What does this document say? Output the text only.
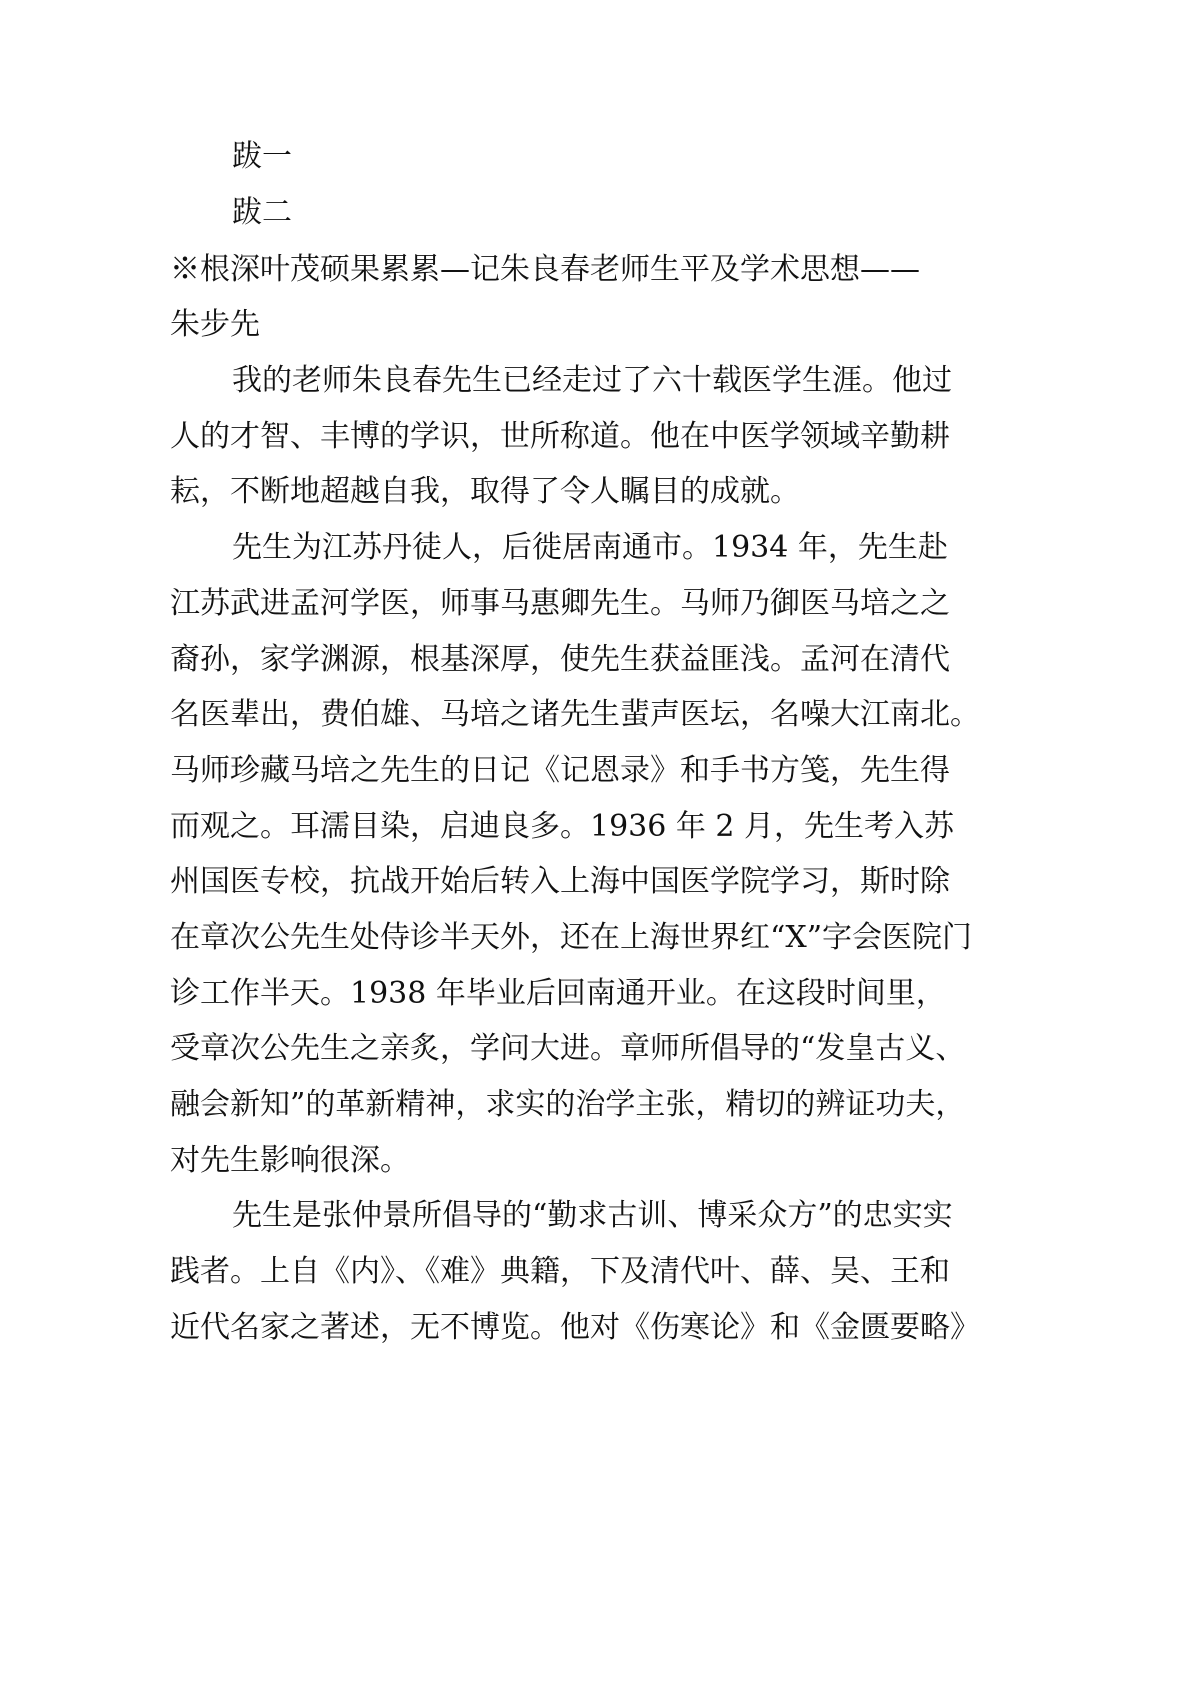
跋一

跋二

※根深叶茂硕果累累—记朱良春老师生平及学术思想——

朱步先

我的老师朱良春先生已经走过了六十载医学生涯。他过

人的才智、丰博的学识，世所称道。他在中医学领域辛勤耕

耘，不断地超越自我，取得了令人瞩目的成就。

先生为江苏丹徒人，后徙居南通市。1934 年，先生赴

江苏武进孟河学医，师事马惠卿先生。马师乃御医马培之之

裔孙，家学渊源，根基深厚，使先生获益匪浅。孟河在清代

名医辈出，费伯雄、马培之诸先生蜚声医坛，名噪大江南北。

马师珍藏马培之先生的日记《记恩录》和手书方笺，先生得

而观之。耳濡目染，启迪良多。1936 年 2 月，先生考入苏

州国医专校，抗战开始后转入上海中国医学院学习，斯时除

在章次公先生处侍诊半天外，还在上海世界红“X”字会医院门

诊工作半天。1938 年毕业后回南通开业。在这段时间里，

受章次公先生之亲炙，学问大进。章师所倡导的“发皇古义、

融会新知”的革新精神，求实的治学主张，精切的辨证功夫，

对先生影响很深。

先生是张仲景所倡导的“勤求古训、博采众方”的忠实实

践者。上自《内》、《难》典籍，下及清代叶、薛、吴、王和

近代名家之著述，无不博览。他对《伤寒论》和《金匮要略》
